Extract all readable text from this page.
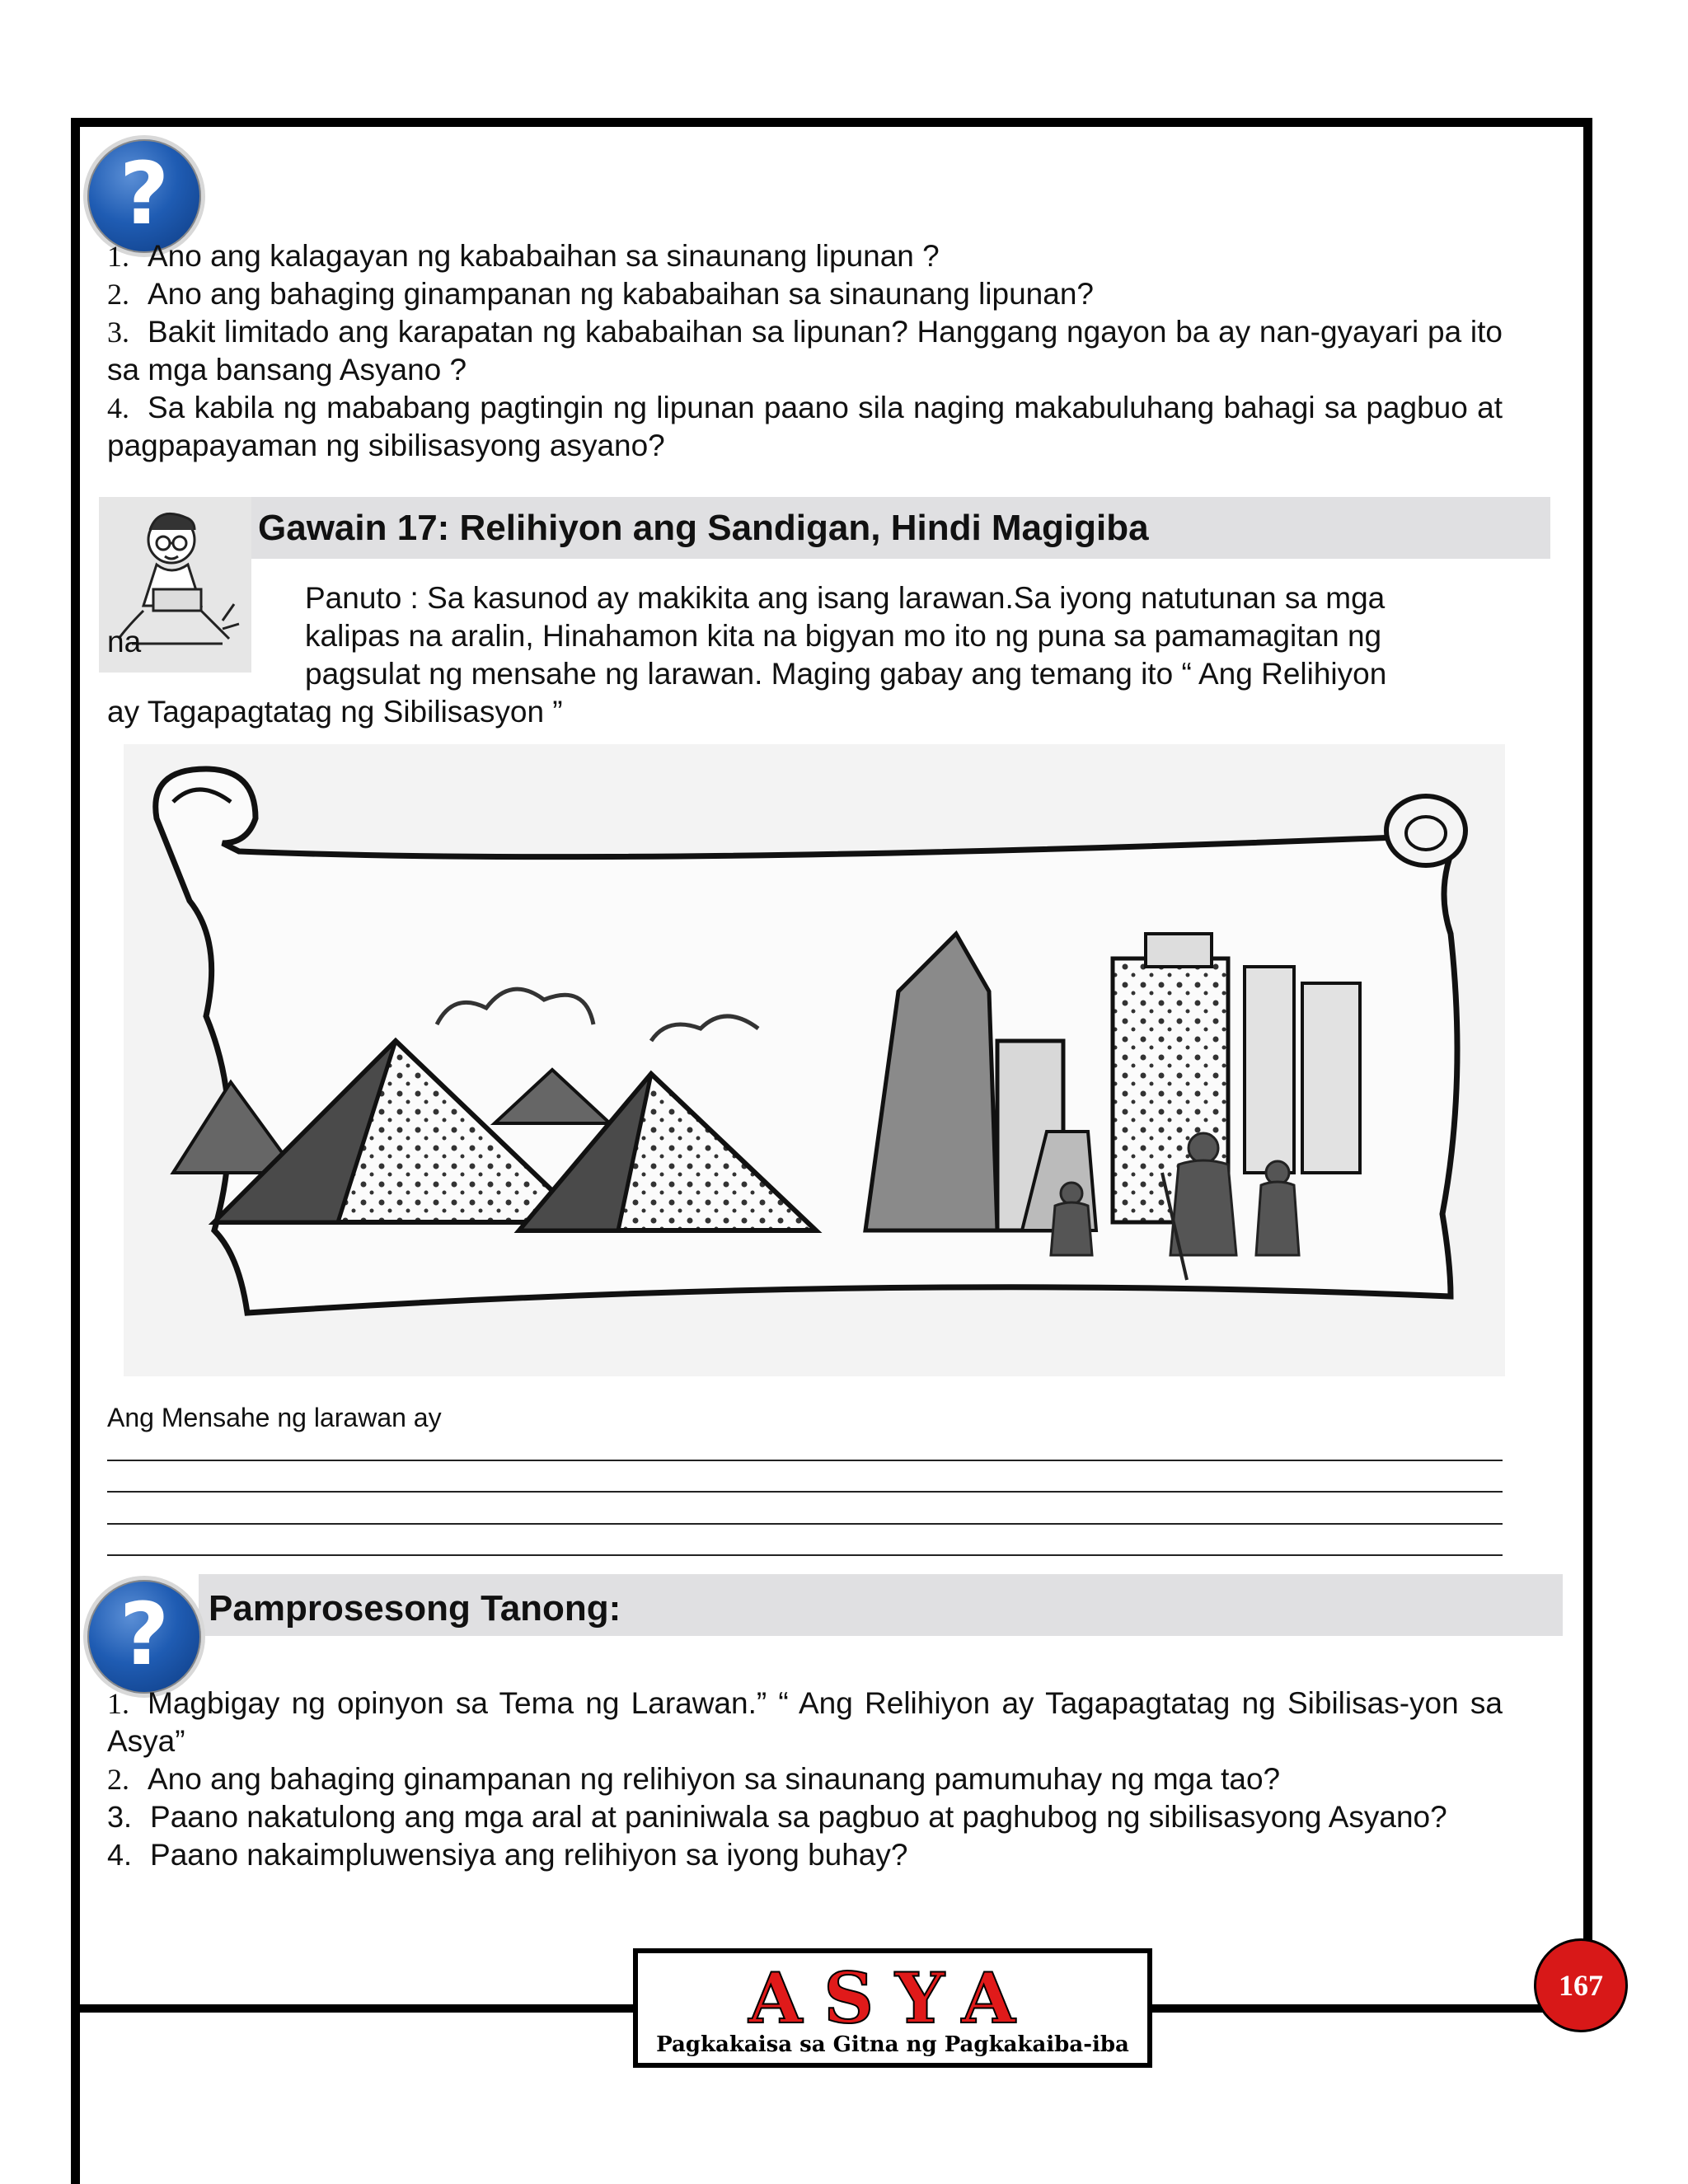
?
1. Ano ang kalagayan ng kababaihan sa sinaunang lipunan ?
2. Ano ang bahaging ginampanan ng kababaihan sa sinaunang lipunan?
3. Bakit limitado ang karapatan ng kababaihan sa lipunan? Hanggang ngayon ba ay nan-gyayari pa ito sa mga bansang Asyano ?
4. Sa kabila ng mababang pagtingin ng lipunan paano sila naging makabuluhang bahagi sa pagbuo at pagpapayaman ng sibilisasyong asyano?
Gawain 17: Relihiyon ang Sandigan, Hindi Magigiba
na
Panuto : Sa kasunod ay makikita ang isang larawan.Sa iyong natutunan sa mga
kalipas na aralin, Hinahamon kita na bigyan mo ito ng puna sa pamamagitan ng
pagsulat ng mensahe ng larawan. Maging gabay ang temang ito “ Ang Relihiyon
ay Tagapagtatag ng Sibilisasyon ”
Ang Mensahe ng larawan ay
? Pamprosesong Tanong:
1. Magbigay ng opinyon sa Tema ng Larawan.” “ Ang Relihiyon ay Tagapagtatag ng Sibilisas-yon sa Asya”
2. Ano ang bahaging ginampanan ng relihiyon sa sinaunang pamumuhay ng mga tao?
3. Paano nakatulong ang mga aral at paniniwala sa pagbuo at paghubog ng sibilisasyong Asyano?
4. Paano nakaimpluwensiya ang relihiyon sa iyong buhay?
ASYA
Pagkakaisa sa Gitna ng Pagkakaiba-iba
167
